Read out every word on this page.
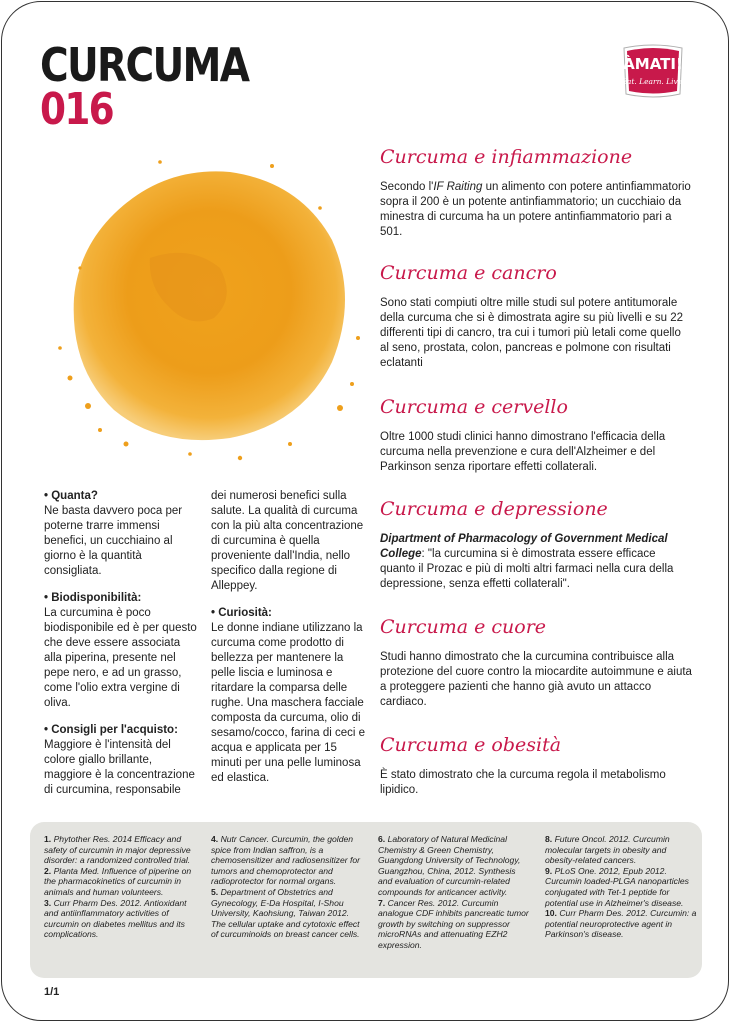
CURCUMA
016
ÀMATI!
Eat. Learn. Live.
Curcuma e infiammazione

Secondo l'IF Raiting un alimento con potere antinfiammatorio sopra il 200 è un potente antinfiammatorio; un cucchiaio da minestra di curcuma ha un potere antinfiammatorio pari a 501.

Curcuma e cancro

Sono stati compiuti oltre mille studi sul potere antitumorale della curcuma che si è dimostrata agire su più livelli e su 22 differenti tipi di cancro, tra cui i tumori più letali come quello al seno, prostata, colon, pancreas e polmone con risultati eclatanti

Curcuma e cervello

Oltre 1000 studi clinici hanno dimostrano l'efficacia della curcuma nella prevenzione e cura dell'Alzheimer e del Parkinson senza riportare effetti collaterali.

Curcuma e depressione

Dipartment of Pharmacology of Government Medical College: "la curcumina si è dimostrata essere efficace quanto il Prozac e più di molti altri farmaci nella cura della depressione, senza effetti collaterali".

Curcuma e cuore

Studi hanno dimostrato che la curcumina contribuisce alla protezione del cuore contro la miocardite autoimmune e aiuta a proteggere pazienti che hanno già avuto un attacco cardiaco.

Curcuma e obesità

È stato dimostrato che la curcuma regola il metabolismo lipidico.

• Quanta?
Ne basta davvero poca per poterne trarre immensi benefici, un cucchiaino al giorno è la quantità consigliata.

• Biodisponibilità:
La curcumina è poco biodisponibile ed è per questo che deve essere associata alla piperina, presente nel pepe nero, e ad un grasso, come l'olio extra vergine di oliva.

• Consigli per l'acquisto:
Maggiore è l'intensità del colore giallo brillante, maggiore è la concentrazione di curcumina, responsabile

dei numerosi benefici sulla salute. La qualità di curcuma con la più alta concentrazione di curcumina è quella proveniente dall'India, nello specifico dalla regione di Alleppey.

• Curiosità:
Le donne indiane utilizzano la curcuma come prodotto di bellezza per mantenere la pelle liscia e luminosa e ritardare la comparsa delle rughe. Una maschera facciale composta da curcuma, olio di sesamo/cocco, farina di ceci e acqua e applicata per 15 minuti per una pelle luminosa ed elastica.

1. Phytother Res. 2014 Efficacy and safety of curcumin in major depressive disorder: a randomized controlled trial.
2. Planta Med. Influence of piperine on the pharmacokinetics of curcumin in animals and human volunteers.
3. Curr Pharm Des. 2012. Antioxidant and antiinflammatory activities of curcumin on diabetes mellitus and its complications.
4. Nutr Cancer. Curcumin, the golden spice from Indian saffron, is a chemosensitizer and radiosensitizer for tumors and chemoprotector and radioprotector for normal organs.
5. Department of Obstetrics and Gynecology, E-Da Hospital, I-Shou University, Kaohsiung, Taiwan 2012. The cellular uptake and cytotoxic effect of curcuminoids on breast cancer cells.
6. Laboratory of Natural Medicinal Chemistry & Green Chemistry, Guangdong University of Technology, Guangzhou, China, 2012. Synthesis and evaluation of curcumin-related compounds for anticancer activity.
7. Cancer Res. 2012. Curcumin analogue CDF inhibits pancreatic tumor growth by switching on suppressor microRNAs and attenuating EZH2 expression.
8. Future Oncol. 2012. Curcumin molecular targets in obesity and obesity-related cancers.
9. PLoS One. 2012, Epub 2012. Curcumin loaded-PLGA nanoparticles conjugated with Tet-1 peptide for potential use in Alzheimer's disease.
10. Curr Pharm Des. 2012. Curcumin: a potential neuroprotective agent in Parkinson's disease.
1/1
